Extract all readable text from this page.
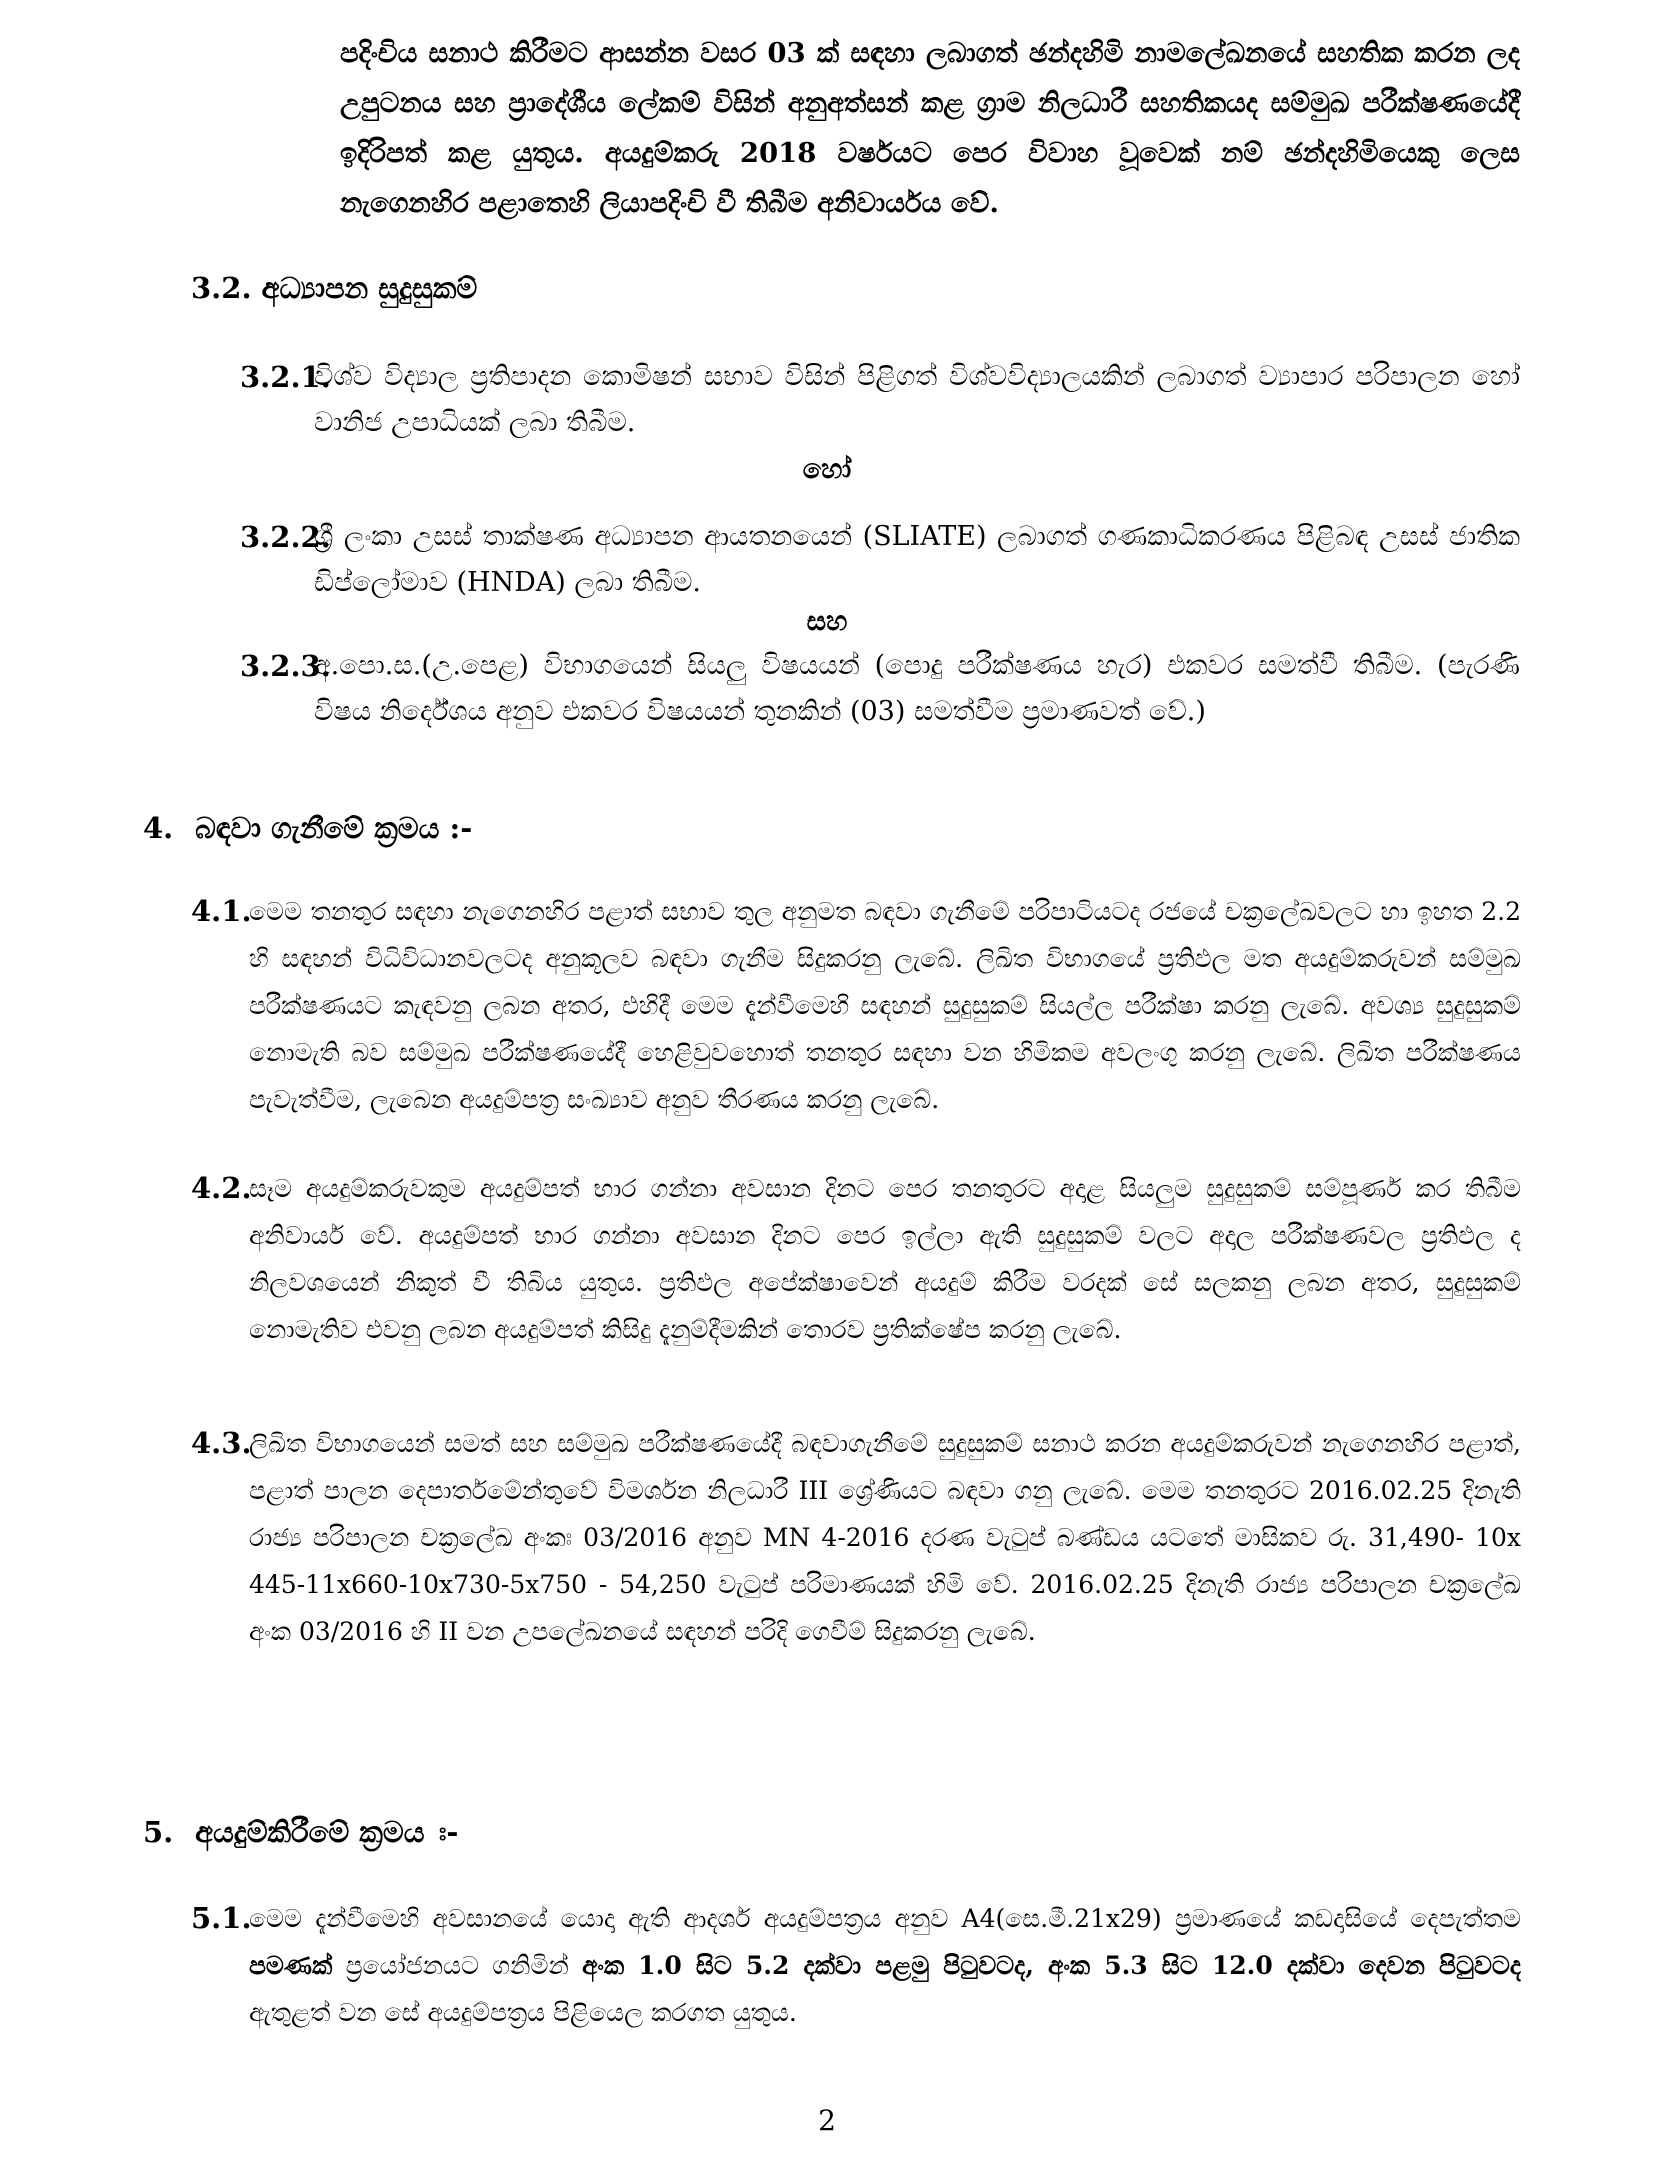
පදිංචිය සනාථ කිරීමට ආසන්න වසර 03 ක් සඳහා ලබාගත් ඡන්දහිමි නාමලේඛනයේ සහතික කරන ලද උපුටනය සහ ප්‍රාදේශීය ලේකම් විසින් අනුඅත්සන් කළ ග්‍රාම නිලධාරී සහතිකයද සම්මුඛ පරීක්ෂණයේදී ඉදිරිපත් කළ යුතුය. අයදුම්කරු 2018 වර්ෂයට පෙර විවාහ වූවෙක් නම් ඡන්දහිමියෙකු ලෙස නැගෙනහිර පළාතෙහි ලියාපදිංචි වී තිබීම අනිවාර්යය වේ.

3.2. අධ්‍යාපන සුදුසුකම්
3.2.1.
විශ්ව විද්‍යාල ප්‍රතිපාදන කොමිෂන් සභාව විසින් පිළිගත් විශ්වවිද්‍යාලයකින් ලබාගත් ව්‍යාපාර පරිපාලන හෝ වානිජ උපාධියක් ලබා තිබීම.
හෝ
3.2.2.
ශ්‍රී ලංකා උසස් තාක්ෂණ අධ්‍යාපන ආයතනයෙන් (SLIATE) ලබාගත් ගණකාධිකරණය පිළිබඳ උසස් ජාතික ඩිප්ලෝමාව (HNDA) ලබා තිබීම.
සහ
3.2.3.
අ.පො.ස.(උ.පෙළ) විභාගයෙන් සියලු විෂයයන් (පොදු පරීක්ෂණය හැර) එකවර සමත්වී තිබීම. (පැරණි විෂය නිර්දේශය අනුව එකවර විෂයයන් තුනකින් (03) සමත්වීම ප්‍රමාණවත් වේ.)
4. බඳවා ගැනීමේ ක්‍රමය :-
4.1.
මෙම තනතුර සඳහා නැගෙනහිර පළාත් සභාව තුල අනුමත බඳවා ගැනීමේ පරිපාටියටද රජයේ චක්‍රලේඛවලට හා ඉහත 2.2 හි සඳහන් විධිවිධානවලටද අනුකූලව බඳවා ගැනීම සිදුකරනු ලැබේ. ලිඛිත විභාගයේ ප්‍රතිඵල මත අයදුම්කරුවන් සම්මුඛ පරීක්ෂණයට කැඳවනු ලබන අතර, එහිදී මෙම දැන්වීමෙහි සඳහන් සුදුසුකම් සියල්ල පරීක්ෂා කරනු ලැබේ. අවශ්‍ය සුදුසුකම් නොමැති බව සම්මුඛ පරීක්ෂණයේදී හෙළිවුවහොත් තනතුර සඳහා වන හිමිකම අවලංගු කරනු ලැබේ. ලිඛිත පරීක්ෂණය පැවැත්වීම, ලැබෙන අයදුම්පත්‍ර සංඛ්‍යාව අනුව තීරණය කරනු ලැබේ.
4.2.
සෑම අයදුම්කරුවකුම අයදුම්පත් භාර ගන්නා අවසාන දිනට පෙර තනතුරට අදාළ සියලුම සුදුසුකම් සම්පූර්ණ කර තිබීම අනිවාර්ය වේ. අයදුම්පත් භාර ගන්නා අවසාන දිනට පෙර ඉල්ලා ඇති සුදුසුකම් වලට අදාල පරීක්ෂණවල ප්‍රතිඵල ද නිලවශයෙන් නිකුත් වී තිබිය යුතුය. ප්‍රතිඵල අපේක්ෂාවෙන් අයදුම් කිරීම වරදක් සේ සලකනු ලබන අතර, සුදුසුකම් නොමැතිව එවනු ලබන අයදුම්පත් කිසිදු දැනුම්දීමකින් තොරව ප්‍රතික්ෂේප කරනු ලැබේ.
4.3.
ලිඛිත විභාගයෙන් සමත් සහ සම්මුඛ පරීක්ෂණයේදී බඳවාගැනීමේ සුදුසුකම් සනාථ කරන අයදුම්කරුවන් නැගෙනහිර පළාත්, පළාත් පාලන දෙපාර්තමේන්තුවේ විමර්ශන නිලධාරී III ශ්‍රේණියට බඳවා ගනු ලැබේ. මෙම තනතුරට 2016.02.25 දිනැති රාජ්‍ය පරිපාලන චක්‍රලේඛ අංකඃ 03/2016 අනුව MN 4-2016 දරණ වැටුප් බණ්ඩය යටතේ මාසිකව රු. 31,490- 10x 445-11x660-10x730-5x750 - 54,250 වැටුප් පරිමාණයක් හිමි වේ. 2016.02.25 දිනැති රාජ්‍ය පරිපාලන චක්‍රලේඛ අංක 03/2016 හි II වන උපලේඛනයේ සඳහන් පරිදි ගෙවීම් සිදුකරනු ලැබේ.
5. අයදුම්කිරීමේ ක්‍රමය ඃ-
5.1.
මෙම දැන්වීමෙහි අවසානයේ යොදා ඇති ආදර්ශ අයදුම්පත්‍රය අනුව A4(සෙ.මී.21x29) ප්‍රමාණයේ කඩදාසියේ දෙපැත්තම පමණක් ප්‍රයෝජනයට ගනිමින් අංක 1.0 සිට 5.2 දක්වා පළමු පිටුවටද, අංක 5.3 සිට 12.0 දක්වා දෙවන පිටුවටද ඇතුළත් වන සේ අයදුම්පත්‍රය පිළියෙල කරගත යුතුය.
2
